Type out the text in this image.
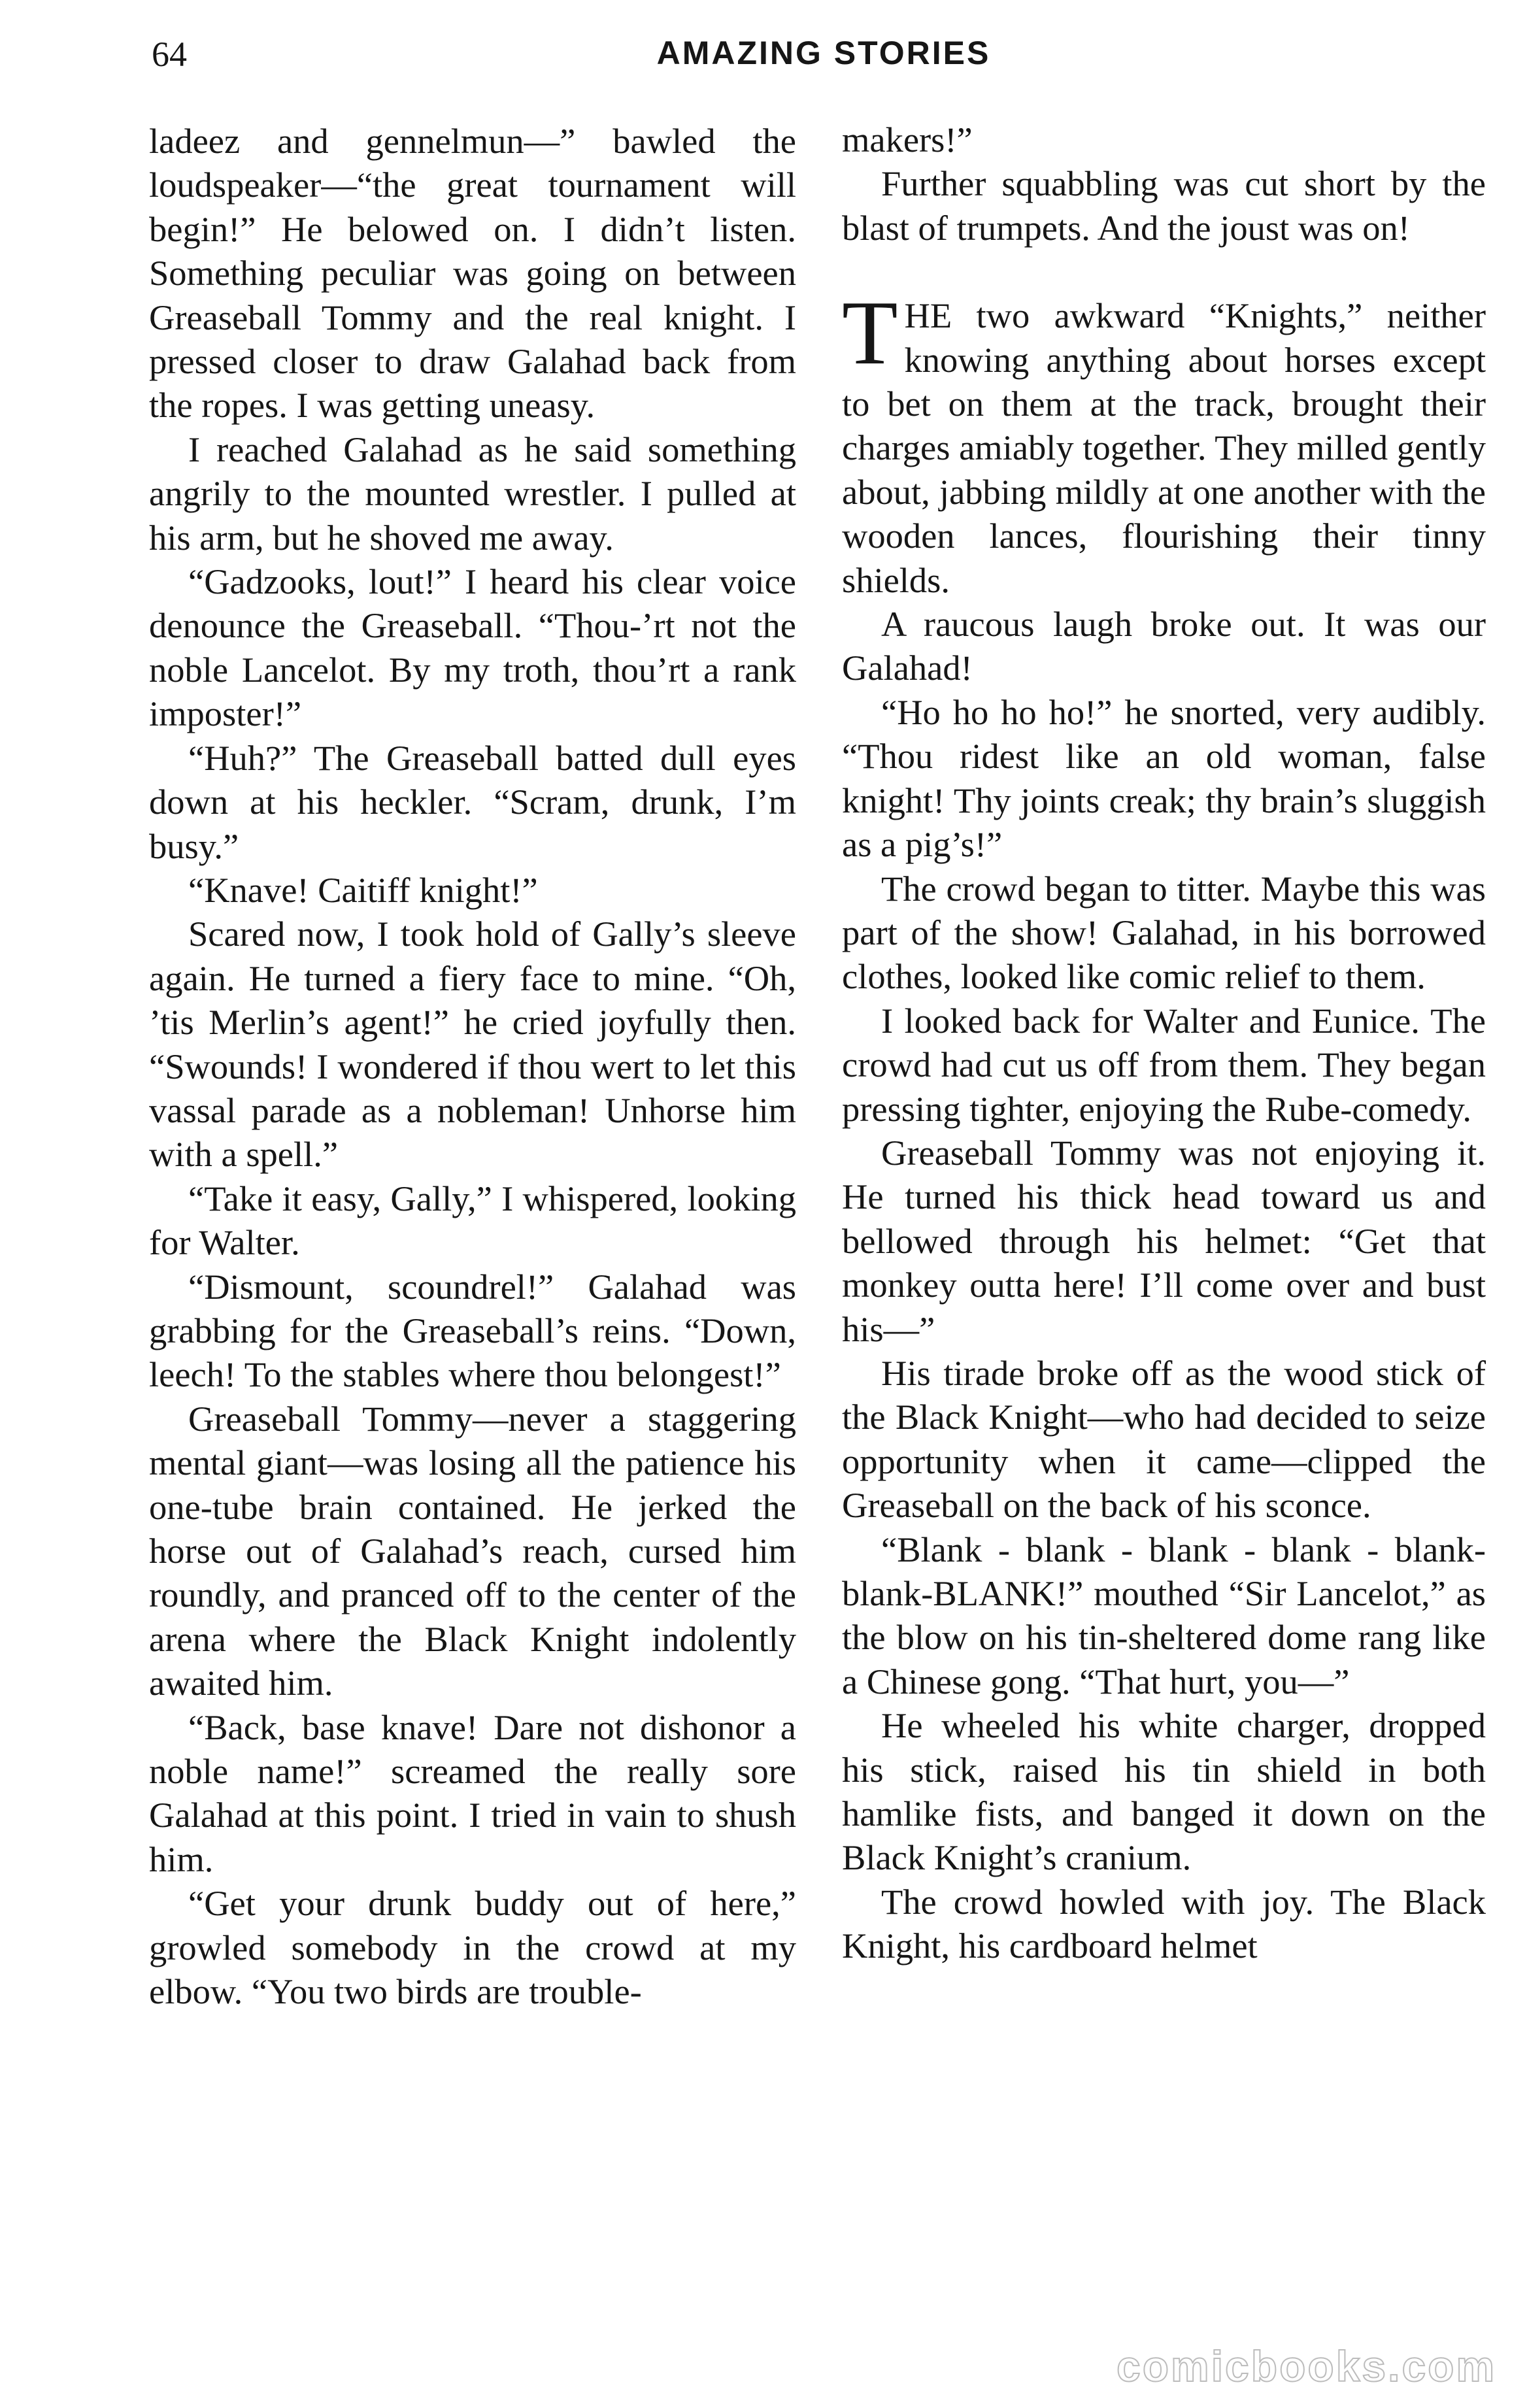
64	AMAZING STORIES

ladeez and gennelmun—” bawled the loudspeaker—“the great tournament will begin!” He belowed on. I didn’t listen. Something peculiar was going on between Greaseball Tommy and the real knight. I pressed closer to draw Galahad back from the ropes. I was getting uneasy.

I reached Galahad as he said something angrily to the mounted wrestler. I pulled at his arm, but he shoved me away.

“Gadzooks, lout!” I heard his clear voice denounce the Greaseball. “Thou-’rt not the noble Lancelot. By my troth, thou’rt a rank imposter!”

“Huh?” The Greaseball batted dull eyes down at his heckler. “Scram, drunk, I’m busy.”

“Knave! Caitiff knight!”

Scared now, I took hold of Gally’s sleeve again. He turned a fiery face to mine. “Oh, ’tis Merlin’s agent!” he cried joyfully then. “Swounds! I wondered if thou wert to let this vassal parade as a nobleman! Unhorse him with a spell.”

“Take it easy, Gally,” I whispered, looking for Walter.

“Dismount, scoundrel!” Galahad was grabbing for the Greaseball’s reins. “Down, leech! To the stables where thou belongest!”

Greaseball Tommy—never a staggering mental giant—was losing all the patience his one-tube brain contained. He jerked the horse out of Galahad’s reach, cursed him roundly, and pranced off to the center of the arena where the Black Knight indolently awaited him.

“Back, base knave! Dare not dishonor a noble name!” screamed the really sore Galahad at this point. I tried in vain to shush him.

“Get your drunk buddy out of here,” growled somebody in the crowd at my elbow. “You two birds are trouble-

makers!”

Further squabbling was cut short by the blast of trumpets. And the joust was on!

THE two awkward “Knights,” neither knowing anything about horses except to bet on them at the track, brought their charges amiably together. They milled gently about, jabbing mildly at one another with the wooden lances, flourishing their tinny shields.

A raucous laugh broke out. It was our Galahad!

“Ho ho ho ho!” he snorted, very audibly. “Thou ridest like an old woman, false knight! Thy joints creak; thy brain’s sluggish as a pig’s!”

The crowd began to titter. Maybe this was part of the show! Galahad, in his borrowed clothes, looked like comic relief to them.

I looked back for Walter and Eunice. The crowd had cut us off from them. They began pressing tighter, enjoying the Rube-comedy.

Greaseball Tommy was not enjoying it. He turned his thick head toward us and bellowed through his helmet: “Get that monkey outta here! I’ll come over and bust his—”

His tirade broke off as the wood stick of the Black Knight—who had decided to seize opportunity when it came—clipped the Greaseball on the back of his sconce.

“Blank - blank - blank - blank - blank-blank-BLANK!” mouthed “Sir Lancelot,” as the blow on his tin-sheltered dome rang like a Chinese gong. “That hurt, you—”

He wheeled his white charger, dropped his stick, raised his tin shield in both hamlike fists, and banged it down on the Black Knight’s cranium.

The crowd howled with joy. The Black Knight, his cardboard helmet

comicbooks.com
